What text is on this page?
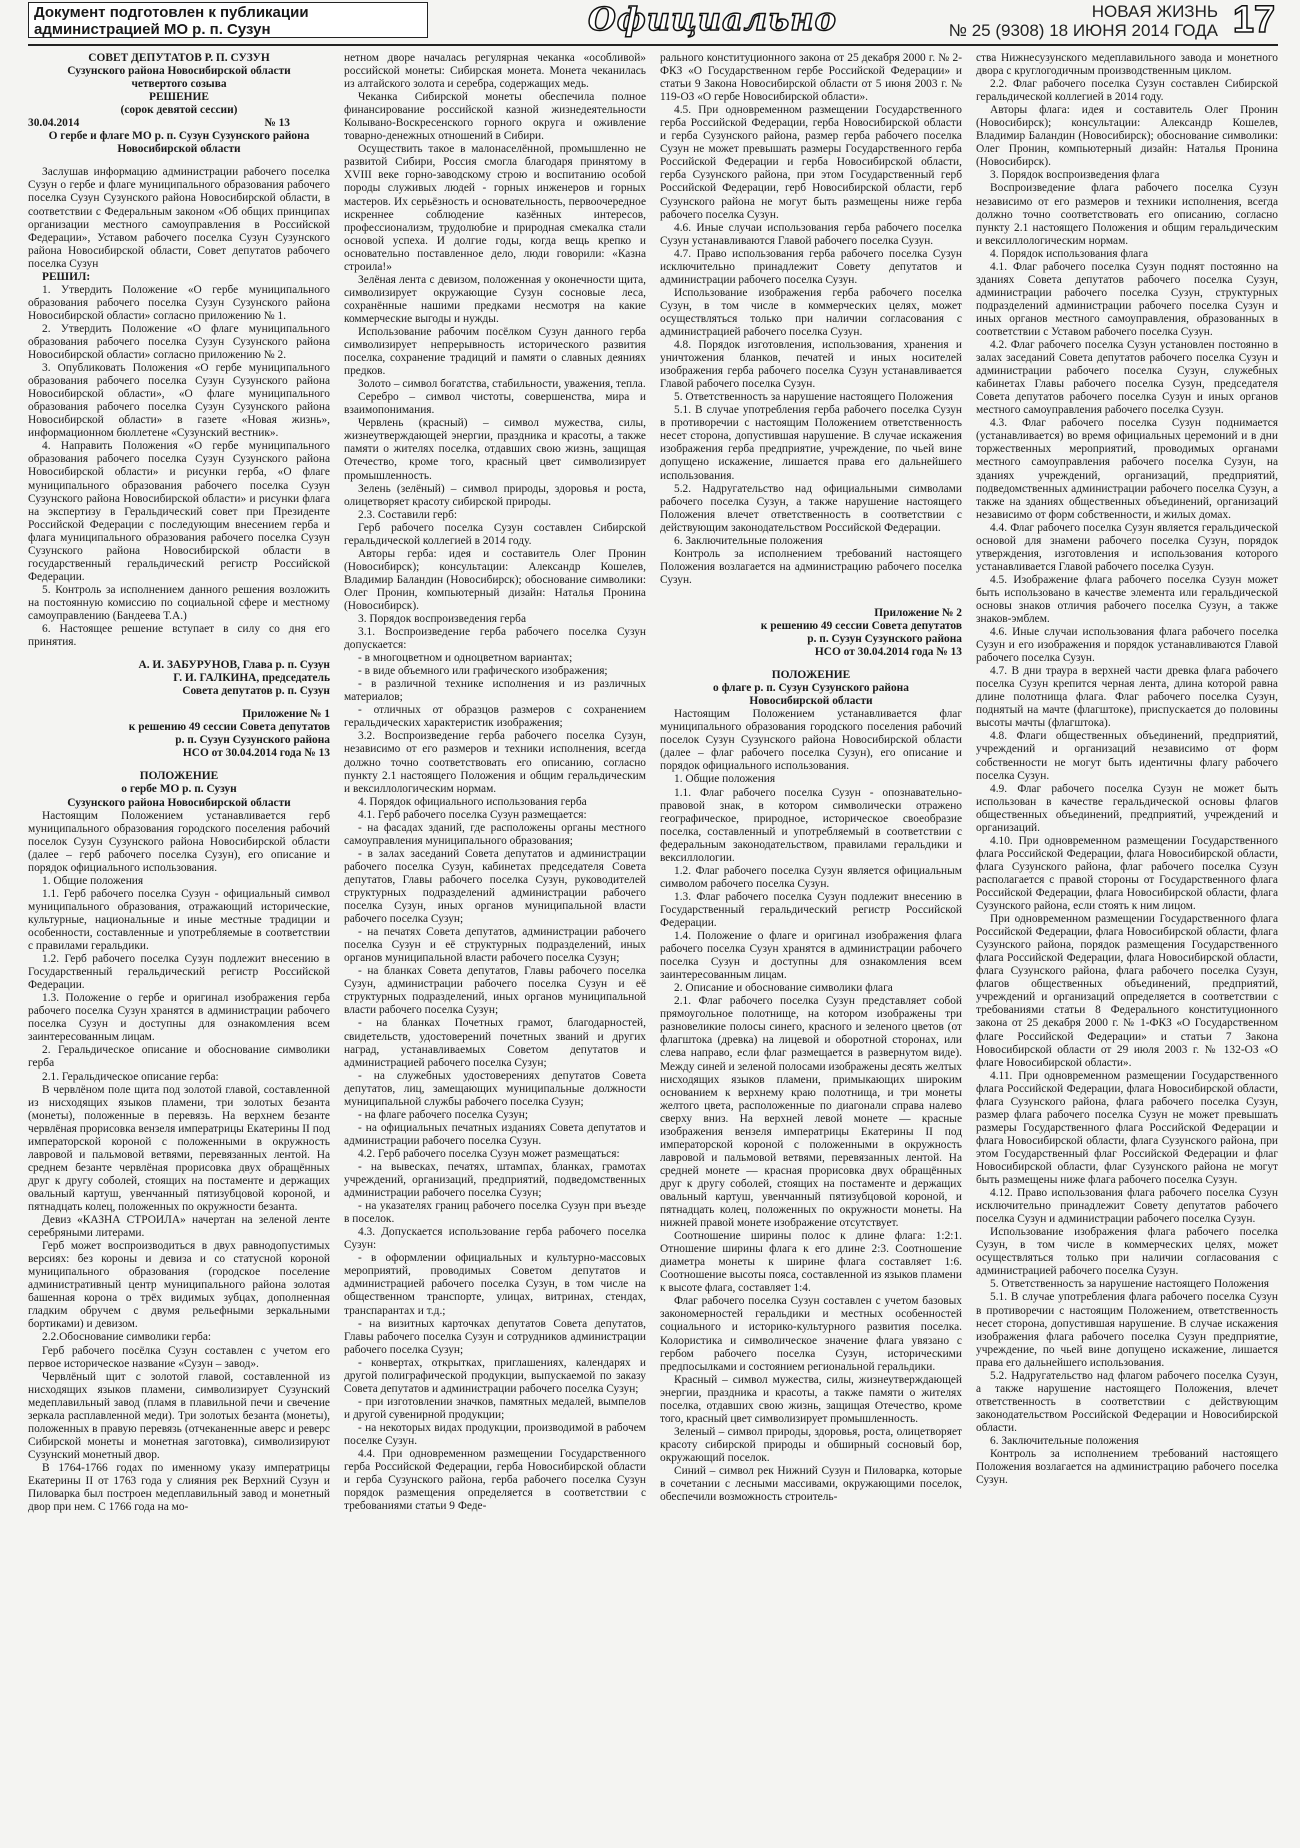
Документ подготовлен к публикации администрацией МО р. п. Сузун	Официально	НОВАЯ ЖИЗНЬ
№ 25 (9308) 18 ИЮНЯ 2014 ГОДА 17

СОВЕТ ДЕПУТАТОВ Р. П. СУЗУН

Сузунского района Новосибирской области

четвертого созыва

РЕШЕНИЕ

(сорок девятой сессии)

30.04.2014	№ 13

О гербе и флаге МО р. п. Сузун Сузунского района Новосибирской области

Заслушав информацию администрации рабочего поселка Сузун о гербе и флаге муниципального образования рабочего поселка Сузун Сузунского района Новосибирской области, в соответствии с Федеральным законом «Об общих принципах организации местного самоуправления в Российской Федерации», Уставом рабочего поселка Сузун Сузунского района Новосибирской области, Совет депутатов рабочего поселка Сузун

РЕШИЛ:

1. Утвердить Положение «О гербе муниципального образования рабочего поселка Сузун Сузунского района Новосибирской области» согласно приложению № 1.

2. Утвердить Положение «О флаге муниципального образования рабочего поселка Сузун Сузунского района Новосибирской области» согласно приложению № 2.

3. Опубликовать Положения «О гербе муниципального образования рабочего поселка Сузун Сузунского района Новосибирской области», «О флаге муниципального образования рабочего поселка Сузун Сузунского района Новосибирской области» в газете «Новая жизнь», информационном бюллетене «Сузунский вестник».

4. Направить Положения «О гербе муниципального образования рабочего поселка Сузун Сузунского района Новосибирской области» и рисунки герба, «О флаге муниципального образования рабочего поселка Сузун Сузунского района Новосибирской области» и рисунки флага на экспертизу в Геральдический совет при Президенте Российской Федерации с последующим внесением герба и флага муниципального образования рабочего поселка Сузун Сузунского района Новосибирской области в государственный геральдический регистр Российской Федерации.

5. Контроль за исполнением данного решения возложить на постоянную комиссию по социальной сфере и местному самоуправлению (Бандеева Т.А.)

6. Настоящее решение вступает в силу со дня его принятия.

А. И. ЗАБУРУНОВ, Глава р. п. Сузун

Г. И. ГАЛКИНА, председатель

Совета депутатов р. п. Сузун

Приложение № 1

к решению 49 сессии Совета депутатов

р. п. Сузун Сузунского района

НСО от 30.04.2014 года № 13

ПОЛОЖЕНИЕ

о гербе МО р. п. Сузун

Сузунского района Новосибирской области

Настоящим Положением устанавливается герб муниципального образования городского поселения рабочий поселок Сузун Сузунского района Новосибирской области (далее – герб рабочего поселка Сузун), его описание и порядок официального использования.

1. Общие положения

1.1. Герб рабочего поселка Сузун - официальный символ муниципального образования, отражающий исторические, культурные, национальные и иные местные традиции и особенности, составленные и употребляемые в соответствии с правилами геральдики.

1.2. Герб рабочего поселка Сузун подлежит внесению в Государственный геральдический регистр Российской Федерации.

1.3. Положение о гербе и оригинал изображения герба рабочего поселка Сузун хранятся в администрации рабочего поселка Сузун и доступны для ознакомления всем заинтересованным лицам.

2. Геральдическое описание и обоснование символики герба

2.1. Геральдическое описание герба:

В червлёном поле щита под золотой главой, составленной из нисходящих языков пламени, три золотых безанта (монеты), положенные в перевязь. На верхнем безанте червлёная прорисовка вензеля императрицы Екатерины II под императорской короной с положенными в окружность лавровой и пальмовой ветвями, перевязанных лентой. На среднем безанте червлёная прорисовка двух обращённых друг к другу соболей, стоящих на постаменте и держащих овальный картуш, увенчанный пятизубцовой короной, и пятнадцать колец, положенных по окружности безанта.

Девиз «КАЗНА СТРОИЛА» начертан на зеленой ленте серебряными литерами.

Герб может воспроизводиться в двух равнодопустимых версиях: без короны и девиза и со статусной короной муниципального образования (городское поселение административный центр муниципального района золотая башенная корона о трёх видимых зубцах, дополненная гладким обручем с двумя рельефными зеркальными бортиками) и девизом.

2.2.Обоснование символики герба:

Герб рабочего посёлка Сузун составлен с учетом его первое историческое название «Сузун – завод».

Червлёный щит с золотой главой, составленной из нисходящих языков пламени, символизирует Сузунский медеплавильный завод (пламя в плавильной печи и свечение зеркала расплавленной меди). Три золотых безанта (монеты), положенных в правую перевязь (отчеканенные аверс и реверс Сибирской монеты и монетная заготовка), символизируют Сузунский монетный двор.

В 1764-1766 годах по именному указу императрицы Екатерины II от 1763 года у слияния рек Верхний Сузун и Пиловарка был построен медеплавильный завод и монетный двор при нем. С 1766 года на мо-

нетном дворе началась регулярная чеканка «особливой» российской монеты: Сибирская монета. Монета чеканилась из алтайского золота и серебра, содержащих медь.

Чеканка Сибирской монеты обеспечила полное финансирование российской казной жизнедеятельности Колывано-Воскресенского горного округа и оживление товарно-денежных отношений в Сибири.

Осуществить такое в малонаселённой, промышленно не развитой Сибири, Россия смогла благодаря принятому в XVIII веке горно-заводскому строю и воспитанию особой породы служивых людей - горных инженеров и горных мастеров. Их серьёзность и основательность, первоочередное искреннее соблюдение казённых интересов, профессионализм, трудолюбие и природная смекалка стали основой успеха. И долгие годы, когда вещь крепко и основательно поставленное дело, люди говорили: «Казна строила!»

Зелёная лента с девизом, положенная у оконечности щита, символизирует окружающие Сузун сосновые леса, сохранённые нашими предками несмотря на какие коммерческие выгоды и нужды.

Использование рабочим посёлком Сузун данного герба символизирует непрерывность исторического развития поселка, сохранение традиций и памяти о славных деяниях предков.

Золото – символ богатства, стабильности, уважения, тепла.

Серебро – символ чистоты, совершенства, мира и взаимопонимания.

Червлень (красный) – символ мужества, силы, жизнеутверждающей энергии, праздника и красоты, а также памяти о жителях поселка, отдавших свою жизнь, защищая Отечество, кроме того, красный цвет символизирует промышленность.

Зелень (зелёный) – символ природы, здоровья и роста, олицетворяет красоту сибирской природы.

2.3. Составили герб:

Герб рабочего поселка Сузун составлен Сибирской геральдической коллегией в 2014 году.

Авторы герба: идея и составитель Олег Пронин (Новосибирск); консультации: Александр Кошелев, Владимир Баландин (Новосибирск); обоснование символики: Олег Пронин, компьютерный дизайн: Наталья Пронина (Новосибирск).

3. Порядок воспроизведения герба

3.1. Воспроизведение герба рабочего поселка Сузун допускается:

- в многоцветном и одноцветном вариантах;

- в виде объемного или графического изображения;

- в различной технике исполнения и из различных материалов;

- отличных от образцов размеров с сохранением геральдических характеристик изображения;

3.2. Воспроизведение герба рабочего поселка Сузун, независимо от его размеров и техники исполнения, всегда должно точно соответствовать его описанию, согласно пункту 2.1 настоящего Положения и общим геральдическим и вексиллологическим нормам.

4. Порядок официального использования герба

4.1. Герб рабочего поселка Сузун размещается:

- на фасадах зданий, где расположены органы местного самоуправления муниципального образования;

- в залах заседаний Совета депутатов и администрации рабочего поселка Сузун, кабинетах председателя Совета депутатов, Главы рабочего поселка Сузун, руководителей структурных подразделений администрации рабочего поселка Сузун, иных органов муниципальной власти рабочего поселка Сузун;

- на печатях Совета депутатов, администрации рабочего поселка Сузун и её структурных подразделений, иных органов муниципальной власти рабочего поселка Сузун;

- на бланках Совета депутатов, Главы рабочего поселка Сузун, администрации рабочего поселка Сузун и её структурных подразделений, иных органов муниципальной власти рабочего поселка Сузун;

- на бланках Почетных грамот, благодарностей, свидетельств, удостоверений почетных званий и других наград, устанавливаемых Советом депутатов и администрацией рабочего поселка Сузун;

- на служебных удостоверениях депутатов Совета депутатов, лиц, замещающих муниципальные должности муниципальной службы рабочего поселка Сузун;

- на флаге рабочего поселка Сузун;

- на официальных печатных изданиях Совета депутатов и администрации рабочего поселка Сузун.

4.2. Герб рабочего поселка Сузун может размещаться:

- на вывесках, печатях, штампах, бланках, грамотах учреждений, организаций, предприятий, подведомственных администрации рабочего поселка Сузун;

- на указателях границ рабочего поселка Сузун при въезде в поселок.

4.3. Допускается использование герба рабочего поселка Сузун:

- в оформлении официальных и культурно-массовых мероприятий, проводимых Советом депутатов и администрацией рабочего поселка Сузун, в том числе на общественном транспорте, улицах, витринах, стендах, транспарантах и т.д.;

- на визитных карточках депутатов Совета депутатов, Главы рабочего поселка Сузун и сотрудников администрации рабочего поселка Сузун;

- конвертах, открытках, приглашениях, календарях и другой полиграфической продукции, выпускаемой по заказу Совета депутатов и администрации рабочего поселка Сузун;

- при изготовлении значков, памятных медалей, вымпелов и другой сувенирной продукции;

- на некоторых видах продукции, производимой в рабочем поселке Сузун.

4.4. При одновременном размещении Государственного герба Российской Федерации, герба Новосибирской области и герба Сузунского района, герба рабочего поселка Сузун порядок размещения определяется в соответствии с требованиями статьи 9 Феде-

рального конституционного закона от 25 декабря 2000 г. № 2-ФКЗ «О Государственном гербе Российской Федерации» и статьи 9 Закона Новосибирской области от 5 июня 2003 г. № 119-ОЗ «О гербе Новосибирской области».

4.5. При одновременном размещении Государственного герба Российской Федерации, герба Новосибирской области и герба Сузунского района, размер герба рабочего поселка Сузун не может превышать размеры Государственного герба Российской Федерации и герба Новосибирской области, герба Сузунского района, при этом Государственный герб Российской Федерации, герб Новосибирской области, герб Сузунского района не могут быть размещены ниже герба рабочего поселка Сузун.

4.6. Иные случаи использования герба рабочего поселка Сузун устанавливаются Главой рабочего поселка Сузун.

4.7. Право использования герба рабочего поселка Сузун исключительно принадлежит Совету депутатов и администрации рабочего поселка Сузун.

Использование изображения герба рабочего поселка Сузун, в том числе в коммерческих целях, может осуществляться только при наличии согласования с администрацией рабочего поселка Сузун.

4.8. Порядок изготовления, использования, хранения и уничтожения бланков, печатей и иных носителей изображения герба рабочего поселка Сузун устанавливается Главой рабочего поселка Сузун.

5. Ответственность за нарушение настоящего Положения

5.1. В случае употребления герба рабочего поселка Сузун в противоречии с настоящим Положением ответственность несет сторона, допустившая нарушение. В случае искажения изображения герба предприятие, учреждение, по чьей вине допущено искажение, лишается права его дальнейшего использования.

5.2. Надругательство над официальными символами рабочего поселка Сузун, а также нарушение настоящего Положения влечет ответственность в соответствии с действующим законодательством Российской Федерации.

6. Заключительные положения

Контроль за исполнением требований настоящего Положения возлагается на администрацию рабочего поселка Сузун.

Приложение № 2

к решению 49 сессии Совета депутатов

р. п. Сузун Сузунского района

НСО от 30.04.2014 года № 13

ПОЛОЖЕНИЕ

о флаге р. п. Сузун Сузунского района

Новосибирской области

Настоящим Положением устанавливается флаг муниципального образования городского поселения рабочий поселок Сузун Сузунского района Новосибирской области (далее – флаг рабочего поселка Сузун), его описание и порядок официального использования.

1. Общие положения

1.1. Флаг рабочего поселка Сузун - опознавательно-правовой знак, в котором символически отражено географическое, природное, историческое своеобразие поселка, составленный и употребляемый в соответствии с федеральным законодательством, правилами геральдики и вексиллологии.

1.2. Флаг рабочего поселка Сузун является официальным символом рабочего поселка Сузун.

1.3. Флаг рабочего поселка Сузун подлежит внесению в Государственный геральдический регистр Российской Федерации.

1.4. Положение о флаге и оригинал изображения флага рабочего поселка Сузун хранятся в администрации рабочего поселка Сузун и доступны для ознакомления всем заинтересованным лицам.

2. Описание и обоснование символики флага

2.1. Флаг рабочего поселка Сузун представляет собой прямоугольное полотнище, на котором изображены три разновеликие полосы синего, красного и зеленого цветов (от флагштока (древка) на лицевой и оборотной сторонах, или слева направо, если флаг размещается в развернутом виде). Между синей и зеленой полосами изображены десять желтых нисходящих языков пламени, примыкающих широким основанием к верхнему краю полотнища, и три монеты желтого цвета, расположенные по диагонали справа налево сверху вниз. На верхней левой монете — красные изображения вензеля императрицы Екатерины II под императорской короной с положенными в окружность лавровой и пальмовой ветвями, перевязанных лентой. На средней монете — красная прорисовка двух обращённых друг к другу соболей, стоящих на постаменте и держащих овальный картуш, увенчанный пятизубцовой короной, и пятнадцать колец, положенных по окружности монеты. На нижней правой монете изображение отсутствует.

Соотношение ширины полос к длине флага: 1:2:1. Отношение ширины флага к его длине 2:3. Соотношение диаметра монеты к ширине флага составляет 1:6. Соотношение высоты пояса, составленной из языков пламени к высоте флага, составляет 1:4.

Флаг рабочего поселка Сузун составлен с учетом базовых закономерностей геральдики и местных особенностей социального и историко-культурного развития поселка. Колористика и символическое значение флага увязано с гербом рабочего поселка Сузун, историческими предпосылками и состоянием региональной геральдики.

Красный – символ мужества, силы, жизнеутверждающей энергии, праздника и красоты, а также памяти о жителях поселка, отдавших свою жизнь, защищая Отечество, кроме того, красный цвет символизирует промышленность.

Зеленый – символ природы, здоровья, роста, олицетворяет красоту сибирской природы и обширный сосновый бор, окружающий поселок.

Синий – символ рек Нижний Сузун и Пиловарка, которые в сочетании с лесными массивами, окружающими поселок, обеспечили возможность строитель-

ства Нижнесузунского медеплавильного завода и монетного двора с круглогодичным производственным циклом.

2.2. Флаг рабочего поселка Сузун составлен Сибирской геральдической коллегией в 2014 году.

Авторы флага: идея и составитель Олег Пронин (Новосибирск); консультации: Александр Кошелев, Владимир Баландин (Новосибирск); обоснование символики: Олег Пронин, компьютерный дизайн: Наталья Пронина (Новосибирск).

3. Порядок воспроизведения флага

Воспроизведение флага рабочего поселка Сузун независимо от его размеров и техники исполнения, всегда должно точно соответствовать его описанию, согласно пункту 2.1 настоящего Положения и общим геральдическим и вексиллологическим нормам.

4. Порядок использования флага

4.1. Флаг рабочего поселка Сузун поднят постоянно на зданиях Совета депутатов рабочего поселка Сузун, администрации рабочего поселка Сузун, структурных подразделений администрации рабочего поселка Сузун и иных органов местного самоуправления, образованных в соответствии с Уставом рабочего поселка Сузун.

4.2. Флаг рабочего поселка Сузун установлен постоянно в залах заседаний Совета депутатов рабочего поселка Сузун и администрации рабочего поселка Сузун, служебных кабинетах Главы рабочего поселка Сузун, председателя Совета депутатов рабочего поселка Сузун и иных органов местного самоуправления рабочего поселка Сузун.

4.3. Флаг рабочего поселка Сузун поднимается (устанавливается) во время официальных церемоний и в дни торжественных мероприятий, проводимых органами местного самоуправления рабочего поселка Сузун, на зданиях учреждений, организаций, предприятий, подведомственных администрации рабочего поселка Сузун, а также на зданиях общественных объединений, организаций независимо от форм собственности, и жилых домах.

4.4. Флаг рабочего поселка Сузун является геральдической основой для знамени рабочего поселка Сузун, порядок утверждения, изготовления и использования которого устанавливается Главой рабочего поселка Сузун.

4.5. Изображение флага рабочего поселка Сузун может быть использовано в качестве элемента или геральдической основы знаков отличия рабочего поселка Сузун, а также знаков-эмблем.

4.6. Иные случаи использования флага рабочего поселка Сузун и его изображения и порядок устанавливаются Главой рабочего поселка Сузун.

4.7. В дни траура в верхней части древка флага рабочего поселка Сузун крепится черная лента, длина которой равна длине полотнища флага. Флаг рабочего поселка Сузун, поднятый на мачте (флагштоке), приспускается до половины высоты мачты (флагштока).

4.8. Флаги общественных объединений, предприятий, учреждений и организаций независимо от форм собственности не могут быть идентичны флагу рабочего поселка Сузун.

4.9. Флаг рабочего поселка Сузун не может быть использован в качестве геральдической основы флагов общественных объединений, предприятий, учреждений и организаций.

4.10. При одновременном размещении Государственного флага Российской Федерации, флага Новосибирской области, флага Сузунского района, флаг рабочего поселка Сузун располагается с правой стороны от Государственного флага Российской Федерации, флага Новосибирской области, флага Сузунского района, если стоять к ним лицом.

При одновременном размещении Государственного флага Российской Федерации, флага Новосибирской области, флага Сузунского района, порядок размещения Государственного флага Российской Федерации, флага Новосибирской области, флага Сузунского района, флага рабочего поселка Сузун, флагов общественных объединений, предприятий, учреждений и организаций определяется в соответствии с требованиями статьи 8 Федерального конституционного закона от 25 декабря 2000 г. № 1-ФКЗ «О Государственном флаге Российской Федерации» и статьи 7 Закона Новосибирской области от 29 июля 2003 г. № 132-ОЗ «О флаге Новосибирской области».

4.11. При одновременном размещении Государственного флага Российской Федерации, флага Новосибирской области, флага Сузунского района, флага рабочего поселка Сузун, размер флага рабочего поселка Сузун не может превышать размеры Государственного флага Российской Федерации и флага Новосибирской области, флага Сузунского района, при этом Государственный флаг Российской Федерации и флаг Новосибирской области, флаг Сузунского района не могут быть размещены ниже флага рабочего поселка Сузун.

4.12. Право использования флага рабочего поселка Сузун исключительно принадлежит Совету депутатов рабочего поселка Сузун и администрации рабочего поселка Сузун.

Использование изображения флага рабочего поселка Сузун, в том числе в коммерческих целях, может осуществляться только при наличии согласования с администрацией рабочего поселка Сузун.

5. Ответственность за нарушение настоящего Положения

5.1. В случае употребления флага рабочего поселка Сузун в противоречии с настоящим Положением, ответственность несет сторона, допустившая нарушение. В случае искажения изображения флага рабочего поселка Сузун предприятие, учреждение, по чьей вине допущено искажение, лишается права его дальнейшего использования.

5.2. Надругательство над флагом рабочего поселка Сузун, а также нарушение настоящего Положения, влечет ответственность в соответствии с действующим законодательством Российской Федерации и Новосибирской области.

6. Заключительные положения

Контроль за исполнением требований настоящего Положения возлагается на администрацию рабочего поселка Сузун.
